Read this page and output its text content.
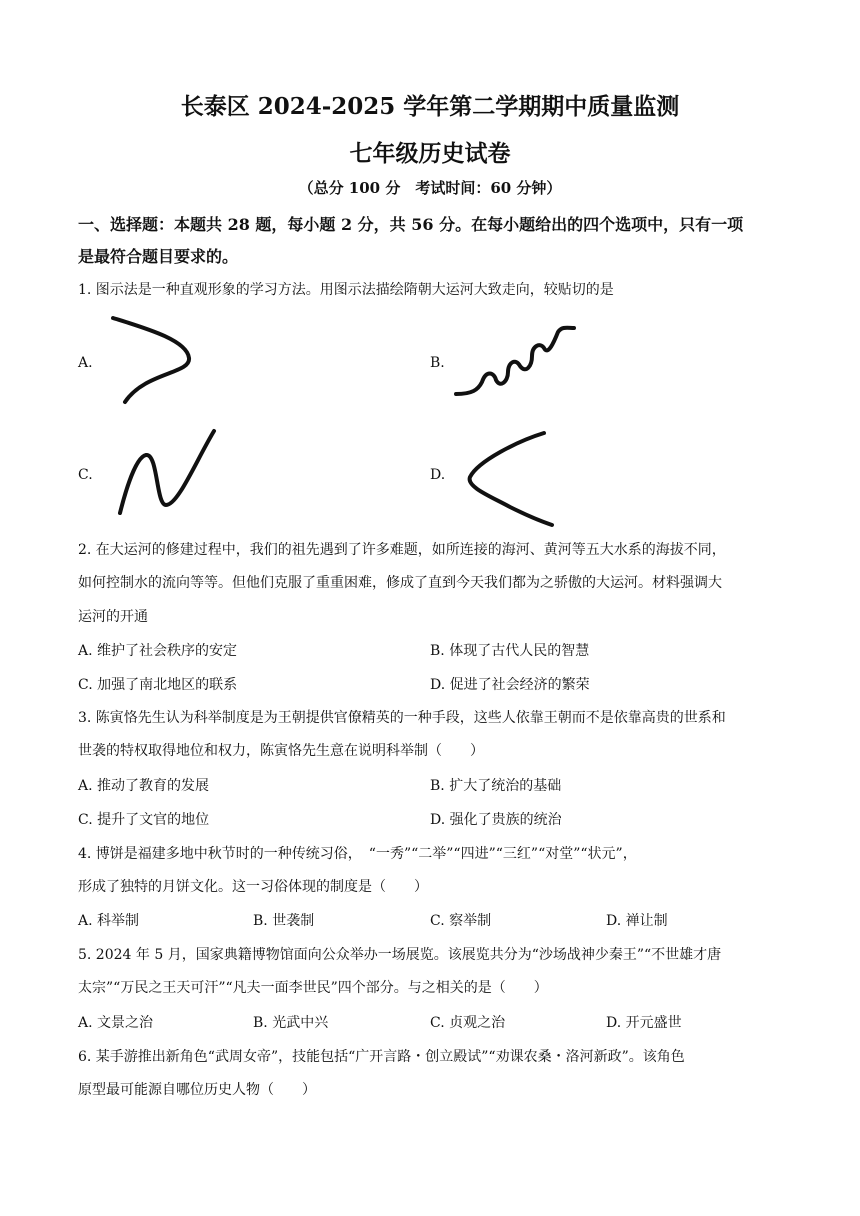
长泰区 2024-2025 学年第二学期期中质量监测
七年级历史试卷
（总分 100 分　考试时间：60 分钟）
一、选择题：本题共 28 题，每小题 2 分，共 56 分。在每小题给出的四个选项中，只有一项
是最符合题目要求的。
1. 图示法是一种直观形象的学习方法。用图示法描绘隋朝大运河大致走向，较贴切的是
A.	B.
C.	D.
2. 在大运河的修建过程中，我们的祖先遇到了许多难题，如所连接的海河、黄河等五大水系的海拔不同，
如何控制水的流向等等。但他们克服了重重困难，修成了直到今天我们都为之骄傲的大运河。材料强调大
运河的开通
A. 维护了社会秩序的安定	B. 体现了古代人民的智慧
C. 加强了南北地区的联系	D. 促进了社会经济的繁荣
3. 陈寅恪先生认为科举制度是为王朝提供官僚精英的一种手段，这些人依靠王朝而不是依靠高贵的世系和
世袭的特权取得地位和权力，陈寅恪先生意在说明科举制（　　）
A. 推动了教育的发展	B. 扩大了统治的基础
C. 提升了文官的地位	D. 强化了贵族的统治
4. 博饼是福建多地中秋节时的一种传统习俗，　“一秀”“二举”“四进”“三红”“对堂”“状元”，
形成了独特的月饼文化。这一习俗体现的制度是（　　）
A. 科举制	B. 世袭制	C. 察举制	D. 禅让制
5. 2024 年 5 月，国家典籍博物馆面向公众举办一场展览。该展览共分为“沙场战神少秦王”“不世雄才唐
太宗”“万民之王天可汗”“凡夫一面李世民”四个部分。与之相关的是（　　）
A. 文景之治	B. 光武中兴	C. 贞观之治	D. 开元盛世
6. 某手游推出新角色“武周女帝”，技能包括“广开言路・创立殿试”“劝课农桑・洛河新政”。该角色
原型最可能源自哪位历史人物（　　）
